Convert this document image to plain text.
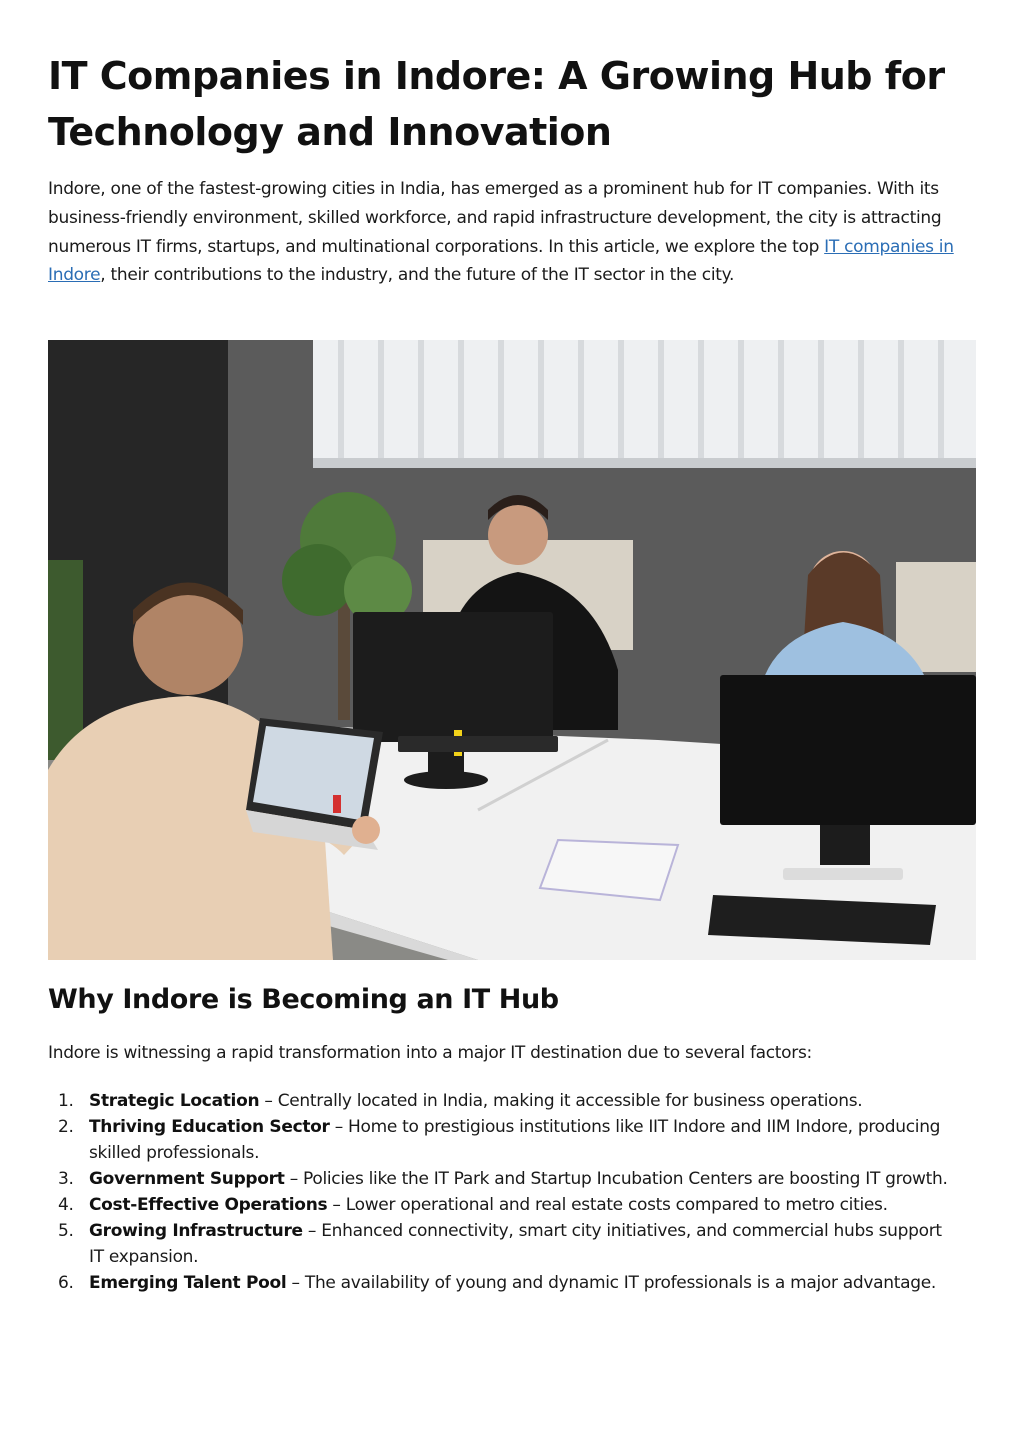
IT Companies in Indore: A Growing Hub for Technology and Innovation

Indore, one of the fastest-growing cities in India, has emerged as a prominent hub for IT companies. With its business-friendly environment, skilled workforce, and rapid infrastructure development, the city is attracting numerous IT firms, startups, and multinational corporations. In this article, we explore the top IT companies in Indore, their contributions to the industry, and the future of the IT sector in the city.

Why Indore is Becoming an IT Hub

Indore is witnessing a rapid transformation into a major IT destination due to several factors:

1. Strategic Location – Centrally located in India, making it accessible for business operations.
2. Thriving Education Sector – Home to prestigious institutions like IIT Indore and IIM Indore, producing skilled professionals.
3. Government Support – Policies like the IT Park and Startup Incubation Centers are boosting IT growth.
4. Cost-Effective Operations – Lower operational and real estate costs compared to metro cities.
5. Growing Infrastructure – Enhanced connectivity, smart city initiatives, and commercial hubs support IT expansion.
6. Emerging Talent Pool – The availability of young and dynamic IT professionals is a major advantage.
